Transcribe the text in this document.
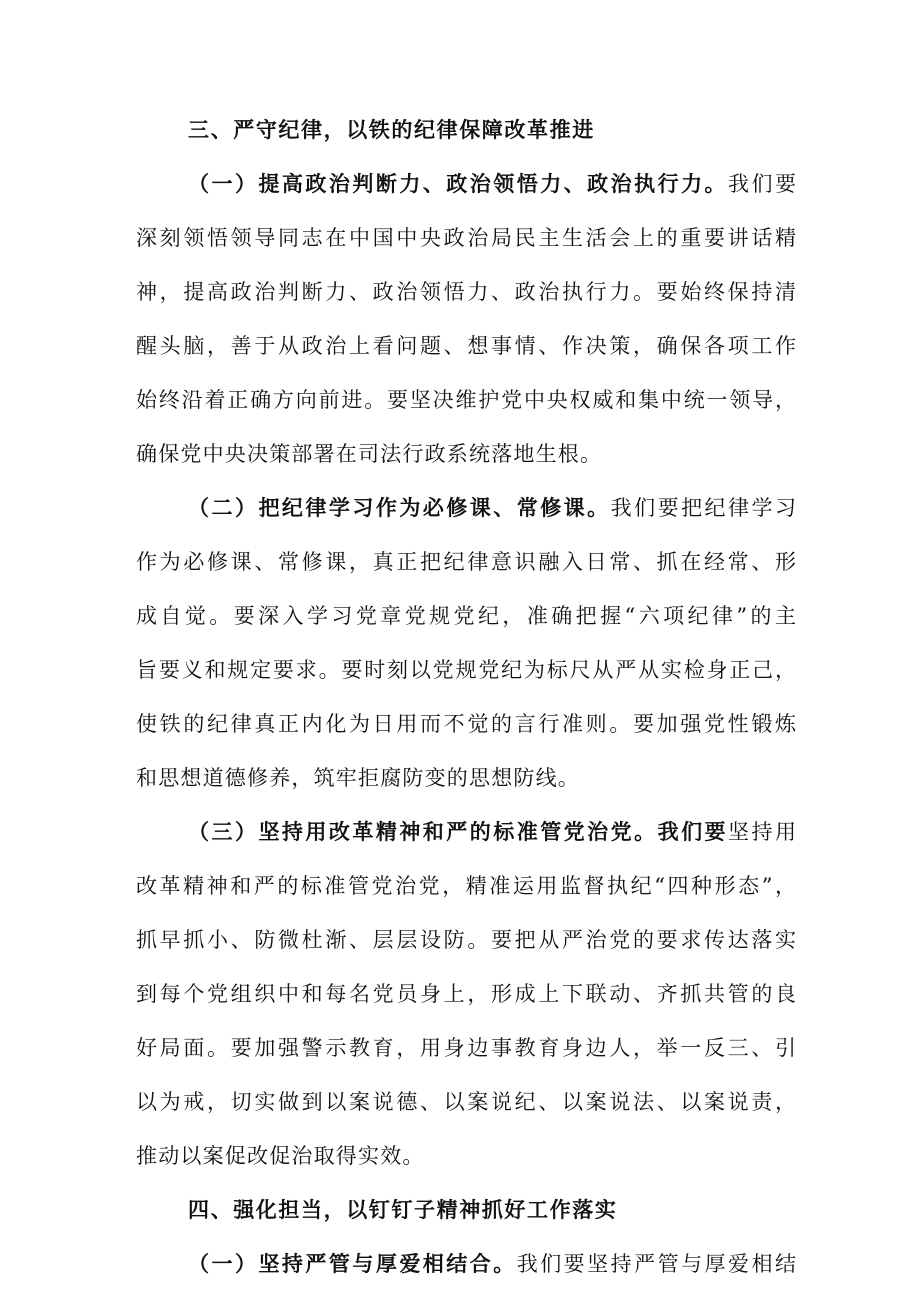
三、严守纪律，以铁的纪律保障改革推进
（一）提高政治判断力、政治领悟力、政治执行力。我们要
深刻领悟领导同志在中国中央政治局民主生活会上的重要讲话精
神，提高政治判断力、政治领悟力、政治执行力。要始终保持清
醒头脑，善于从政治上看问题、想事情、作决策，确保各项工作
始终沿着正确方向前进。要坚决维护党中央权威和集中统一领导，
确保党中央决策部署在司法行政系统落地生根。
（二）把纪律学习作为必修课、常修课。我们要把纪律学习
作为必修课、常修课，真正把纪律意识融入日常、抓在经常、形
成自觉。要深入学习党章党规党纪，准确把握“六项纪律”的主
旨要义和规定要求。要时刻以党规党纪为标尺从严从实检身正己，
使铁的纪律真正内化为日用而不觉的言行准则。要加强党性锻炼
和思想道德修养，筑牢拒腐防变的思想防线。
（三）坚持用改革精神和严的标准管党治党。我们要坚持用
改革精神和严的标准管党治党，精准运用监督执纪“四种形态”，
抓早抓小、防微杜渐、层层设防。要把从严治党的要求传达落实
到每个党组织中和每名党员身上，形成上下联动、齐抓共管的良
好局面。要加强警示教育，用身边事教育身边人，举一反三、引
以为戒，切实做到以案说德、以案说纪、以案说法、以案说责，
推动以案促改促治取得实效。
四、强化担当，以钉钉子精神抓好工作落实
（一）坚持严管与厚爱相结合。我们要坚持严管与厚爱相结
